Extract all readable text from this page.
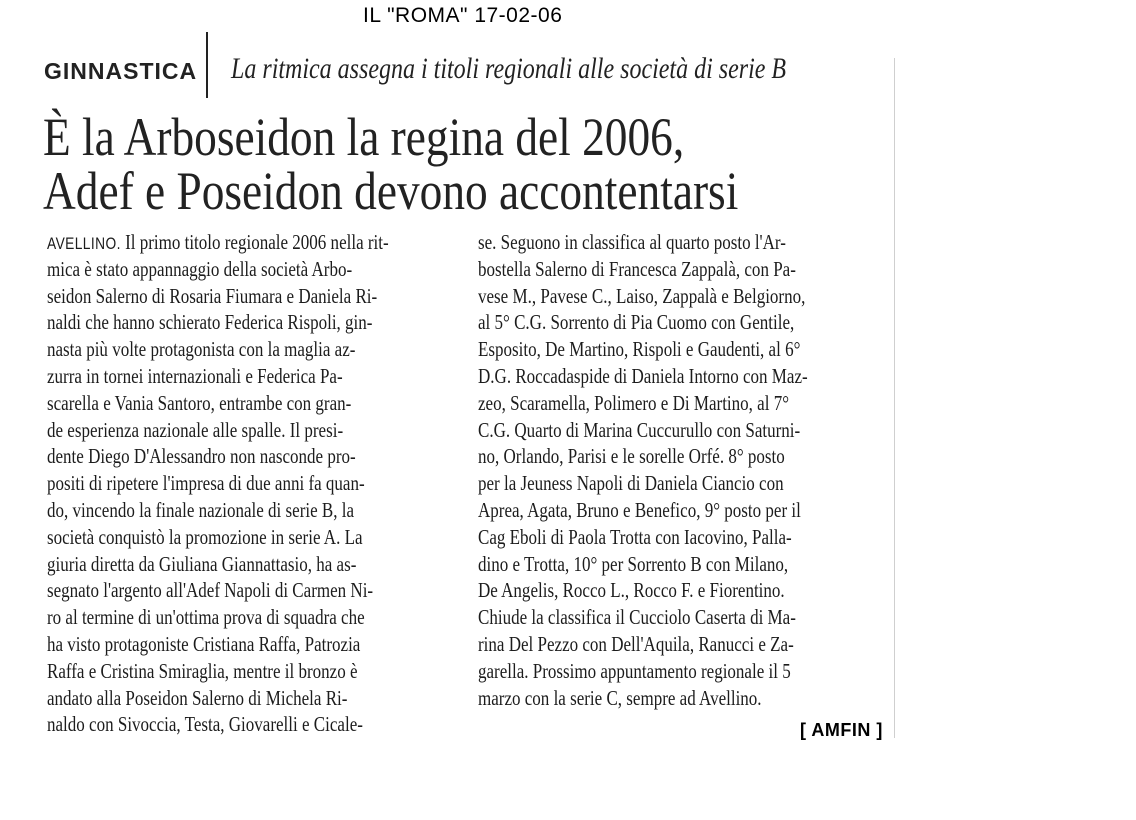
IL "ROMA" 17-02-06
GINNASTICA La ritmica assegna i titoli regionali alle società di serie B
È la Arboseidon la regina del 2006,
Adef e Poseidon devono accontentarsi
AVELLINO. Il primo titolo regionale 2006 nella rit-
mica è stato appannaggio della società Arbo-
seidon Salerno di Rosaria Fiumara e Daniela Ri-
naldi che hanno schierato Federica Rispoli, gin-
nasta più volte protagonista con la maglia az-
zurra in tornei internazionali e Federica Pa-
scarella e Vania Santoro, entrambe con gran-
de esperienza nazionale alle spalle. Il presi-
dente Diego D'Alessandro non nasconde pro-
positi di ripetere l'impresa di due anni fa quan-
do, vincendo la finale nazionale di serie B, la
società conquistò la promozione in serie A. La
giuria diretta da Giuliana Giannattasio, ha as-
segnato l'argento all'Adef Napoli di Carmen Ni-
ro al termine di un'ottima prova di squadra che
ha visto protagoniste Cristiana Raffa, Patrozia
Raffa e Cristina Smiraglia, mentre il bronzo è
andato alla Poseidon Salerno di Michela Ri-
naldo con Sivoccia, Testa, Giovarelli e Cicale-
se. Seguono in classifica al quarto posto l'Ar-
bostella Salerno di Francesca Zappalà, con Pa-
vese M., Pavese C., Laiso, Zappalà e Belgiorno,
al 5° C.G. Sorrento di Pia Cuomo con Gentile,
Esposito, De Martino, Rispoli e Gaudenti, al 6°
D.G. Roccadaspide di Daniela Intorno con Maz-
zeo, Scaramella, Polimero e Di Martino, al 7°
C.G. Quarto di Marina Cuccurullo con Saturni-
no, Orlando, Parisi e le sorelle Orfé. 8° posto
per la Jeuness Napoli di Daniela Ciancio con
Aprea, Agata, Bruno e Benefico, 9° posto per il
Cag Eboli di Paola Trotta con Iacovino, Palla-
dino e Trotta, 10° per Sorrento B con Milano,
De Angelis, Rocco L., Rocco F. e Fiorentino.
Chiude la classifica il Cucciolo Caserta di Ma-
rina Del Pezzo con Dell'Aquila, Ranucci e Za-
garella. Prossimo appuntamento regionale il 5
marzo con la serie C, sempre ad Avellino.
[ AMFIN ]
